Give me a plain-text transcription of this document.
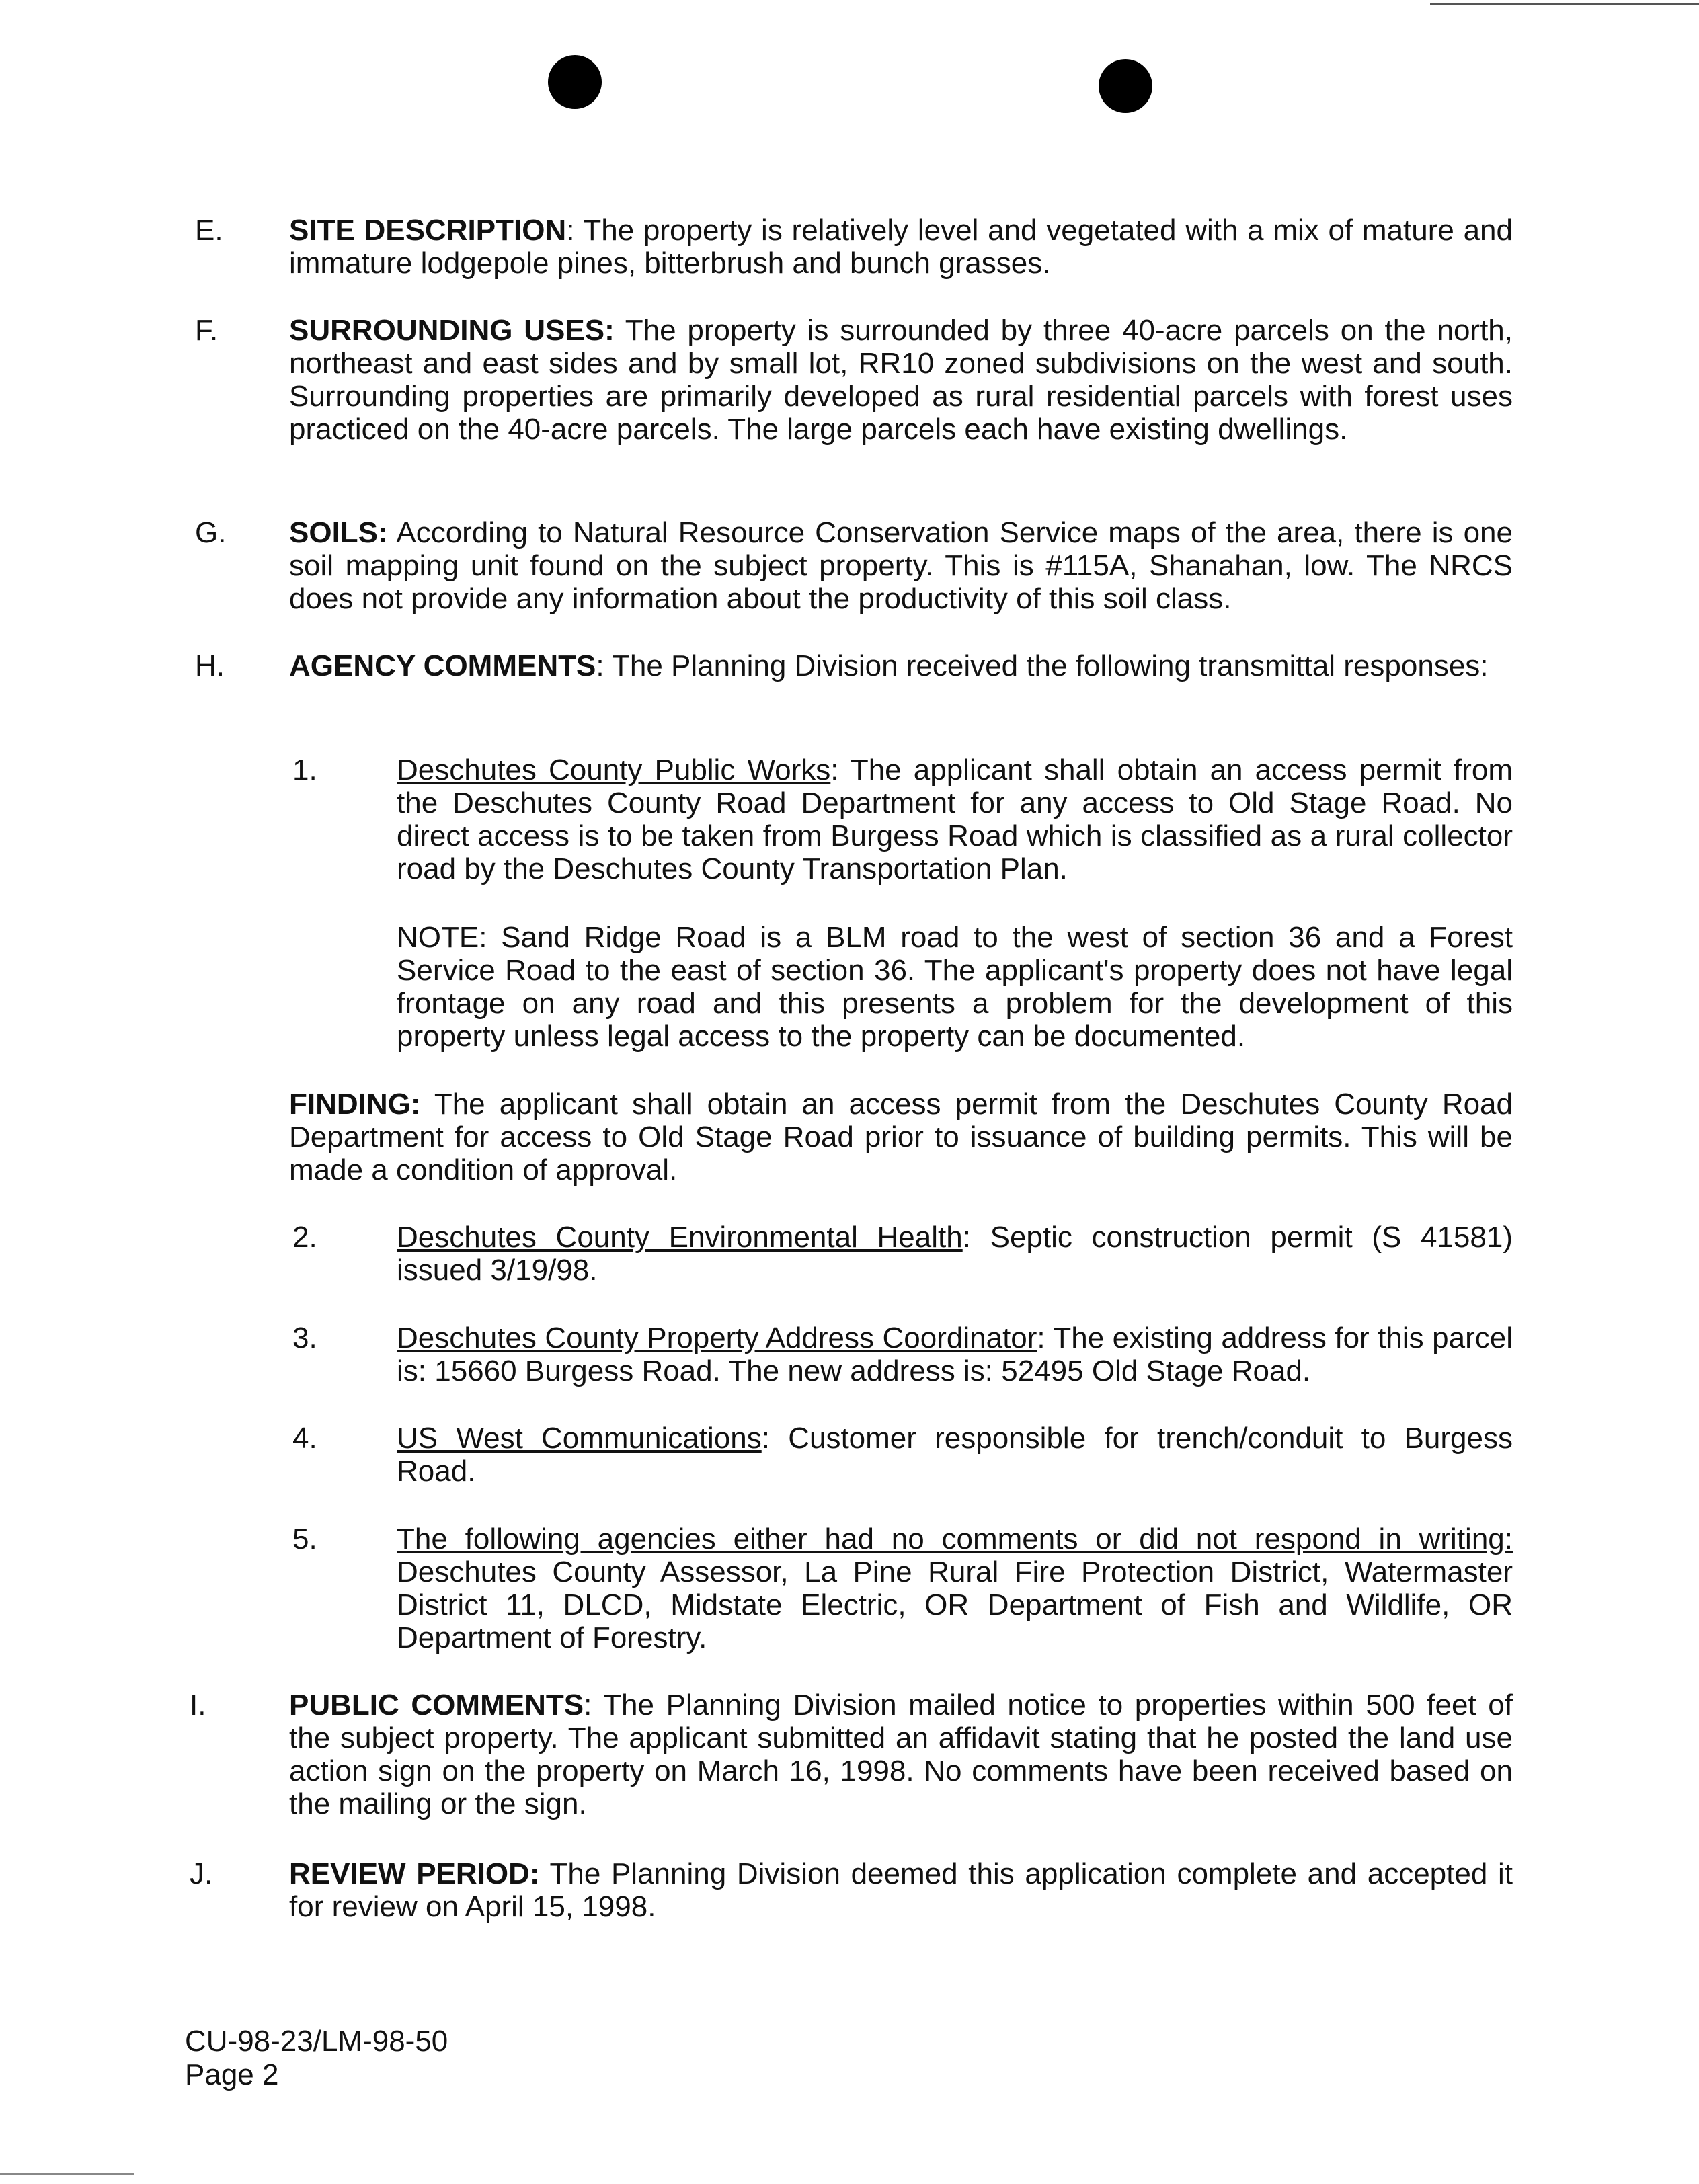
E.	SITE DESCRIPTION: The property is relatively level and vegetated with a mix of mature and immature lodgepole pines, bitterbrush and bunch grasses.
F.	SURROUNDING USES: The property is surrounded by three 40-acre parcels on the north, northeast and east sides and by small lot, RR10 zoned subdivisions on the west and south. Surrounding properties are primarily developed as rural residential parcels with forest uses practiced on the 40-acre parcels. The large parcels each have existing dwellings.
G.	SOILS: According to Natural Resource Conservation Service maps of the area, there is one soil mapping unit found on the subject property. This is #115A, Shanahan, low. The NRCS does not provide any information about the productivity of this soil class.
H.	AGENCY COMMENTS: The Planning Division received the following transmittal responses:
1.	Deschutes County Public Works: The applicant shall obtain an access permit from the Deschutes County Road Department for any access to Old Stage Road. No direct access is to be taken from Burgess Road which is classified as a rural collector road by the Deschutes County Transportation Plan.
NOTE: Sand Ridge Road is a BLM road to the west of section 36 and a Forest Service Road to the east of section 36. The applicant's property does not have legal frontage on any road and this presents a problem for the development of this property unless legal access to the property can be documented.
FINDING: The applicant shall obtain an access permit from the Deschutes County Road Department for access to Old Stage Road prior to issuance of building permits. This will be made a condition of approval.
2.	Deschutes County Environmental Health: Septic construction permit (S 41581) issued 3/19/98.
3.	Deschutes County Property Address Coordinator: The existing address for this parcel is: 15660 Burgess Road. The new address is: 52495 Old Stage Road.
4.	US West Communications: Customer responsible for trench/conduit to Burgess Road.
5.	The following agencies either had no comments or did not respond in writing: Deschutes County Assessor, La Pine Rural Fire Protection District, Watermaster District 11, DLCD, Midstate Electric, OR Department of Fish and Wildlife, OR Department of Forestry.
I.	PUBLIC COMMENTS: The Planning Division mailed notice to properties within 500 feet of the subject property. The applicant submitted an affidavit stating that he posted the land use action sign on the property on March 16, 1998. No comments have been received based on the mailing or the sign.
J.	REVIEW PERIOD: The Planning Division deemed this application complete and accepted it for review on April 15, 1998.
CU-98-23/LM-98-50
Page 2
